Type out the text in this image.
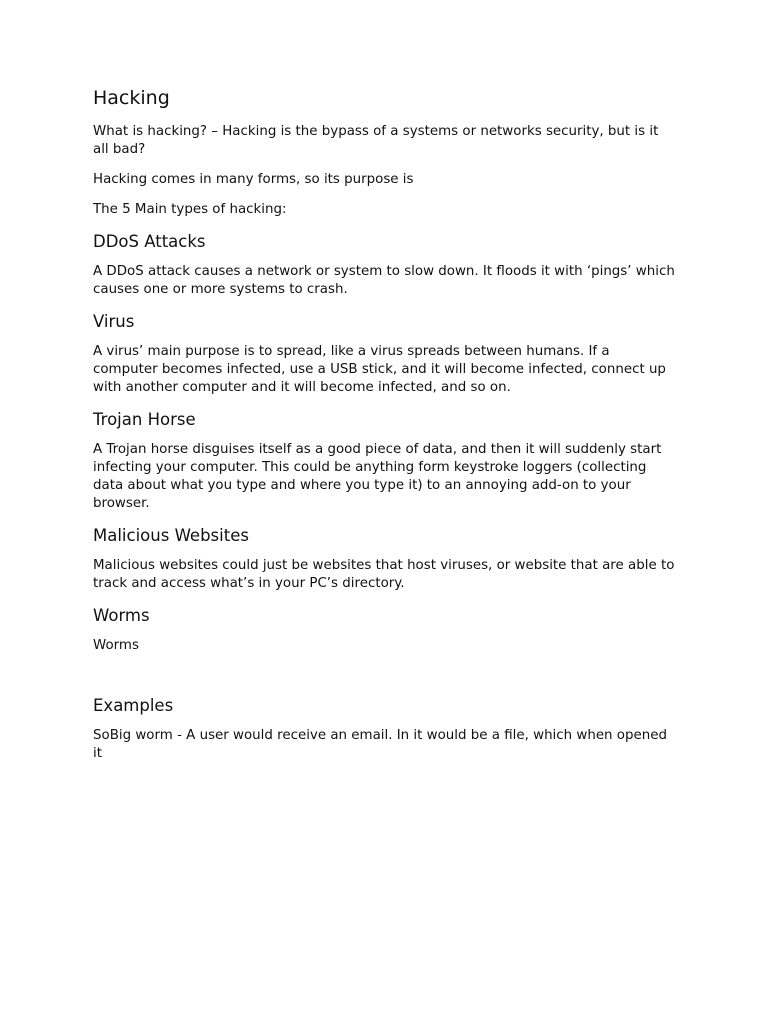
Hacking

What is hacking? – Hacking is the bypass of a systems or networks security, but is it all bad?

Hacking comes in many forms, so its purpose is

The 5 Main types of hacking:

DDoS Attacks

A DDoS attack causes a network or system to slow down. It floods it with ‘pings’ which causes one or more systems to crash.

Virus

A virus’ main purpose is to spread, like a virus spreads between humans. If a computer becomes infected, use a USB stick, and it will become infected, connect up with another computer and it will become infected, and so on.

Trojan Horse

A Trojan horse disguises itself as a good piece of data, and then it will suddenly start infecting your computer. This could be anything form keystroke loggers (collecting data about what you type and where you type it) to an annoying add-on to your browser.

Malicious Websites

Malicious websites could just be websites that host viruses, or website that are able to track and access what’s in your PC’s directory.

Worms

Worms

Examples

SoBig worm - A user would receive an email. In it would be a file, which when opened it
